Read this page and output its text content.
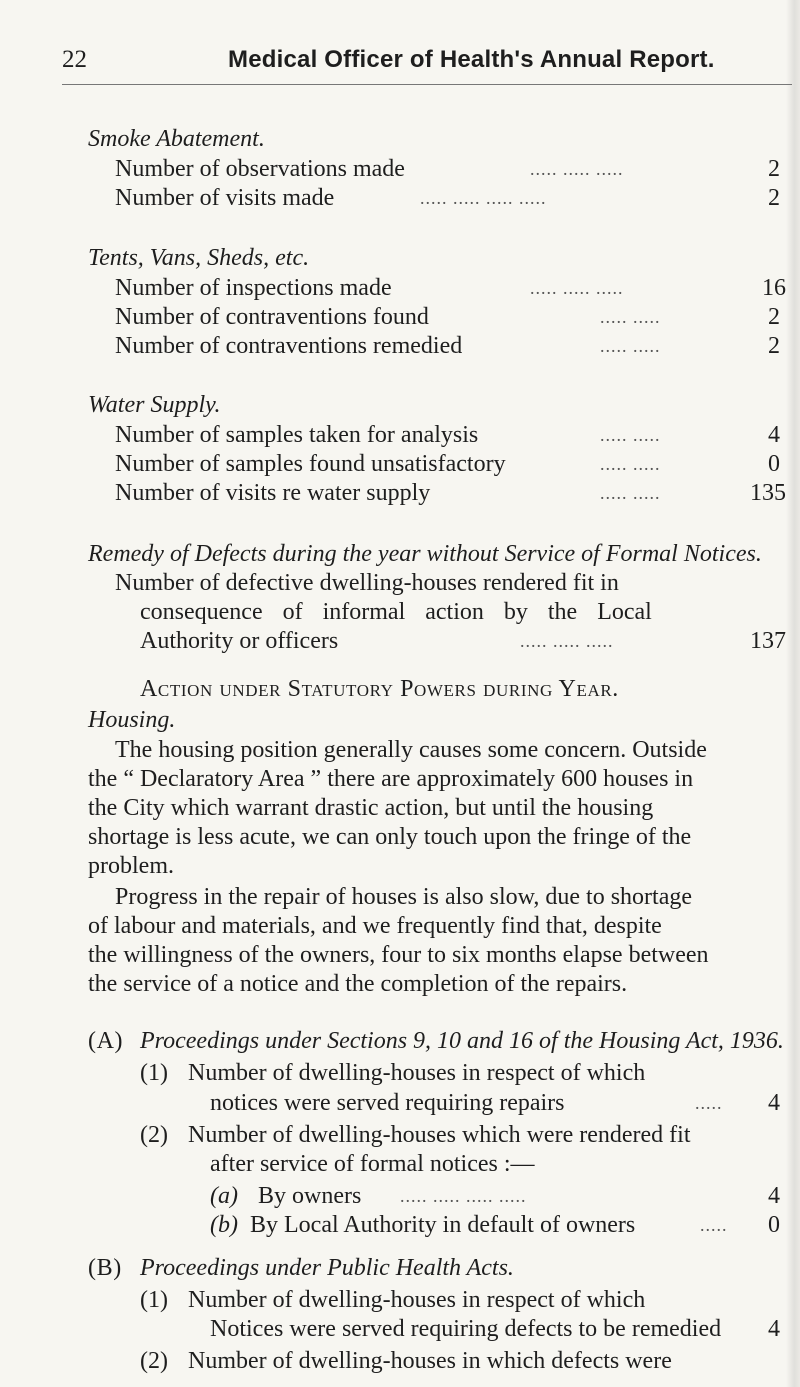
22	Medical Officer of Health's Annual Report.
Smoke Abatement.
Number of observations made	..... ..... .....	2
Number of visits made	..... ..... ..... .....	2
Tents, Vans, Sheds, etc.
Number of inspections made	..... ..... .....	16
Number of contraventions found	..... .....	2
Number of contraventions remedied	..... .....	2
Water Supply.
Number of samples taken for analysis	..... .....	4
Number of samples found unsatisfactory	..... .....	0
Number of visits re water supply	..... .....	135
Remedy of Defects during the year without Service of Formal Notices.
Number of defective dwelling-houses rendered fit in
consequence of informal action by the Local
Authority or officers	..... ..... .....	137
Action under Statutory Powers during Year.
Housing.
The housing position generally causes some concern. Outside
the “ Declaratory Area ” there are approximately 600 houses in
the City which warrant drastic action, but until the housing
shortage is less acute, we can only touch upon the fringe of the
problem.
Progress in the repair of houses is also slow, due to shortage
of labour and materials, and we frequently find that, despite
the willingness of the owners, four to six months elapse between
the service of a notice and the completion of the repairs.
(A) Proceedings under Sections 9, 10 and 16 of the Housing Act, 1936.
(1) Number of dwelling-houses in respect of which
notices were served requiring repairs	..... 4
(2) Number of dwelling-houses which were rendered fit
after service of formal notices :—
(a) By owners ..... ..... ..... .....	4
(b) By Local Authority in default of owners	..... 0
(B) Proceedings under Public Health Acts.
(1) Number of dwelling-houses in respect of which
Notices were served requiring defects to be remedied 4
(2) Number of dwelling-houses in which defects were
